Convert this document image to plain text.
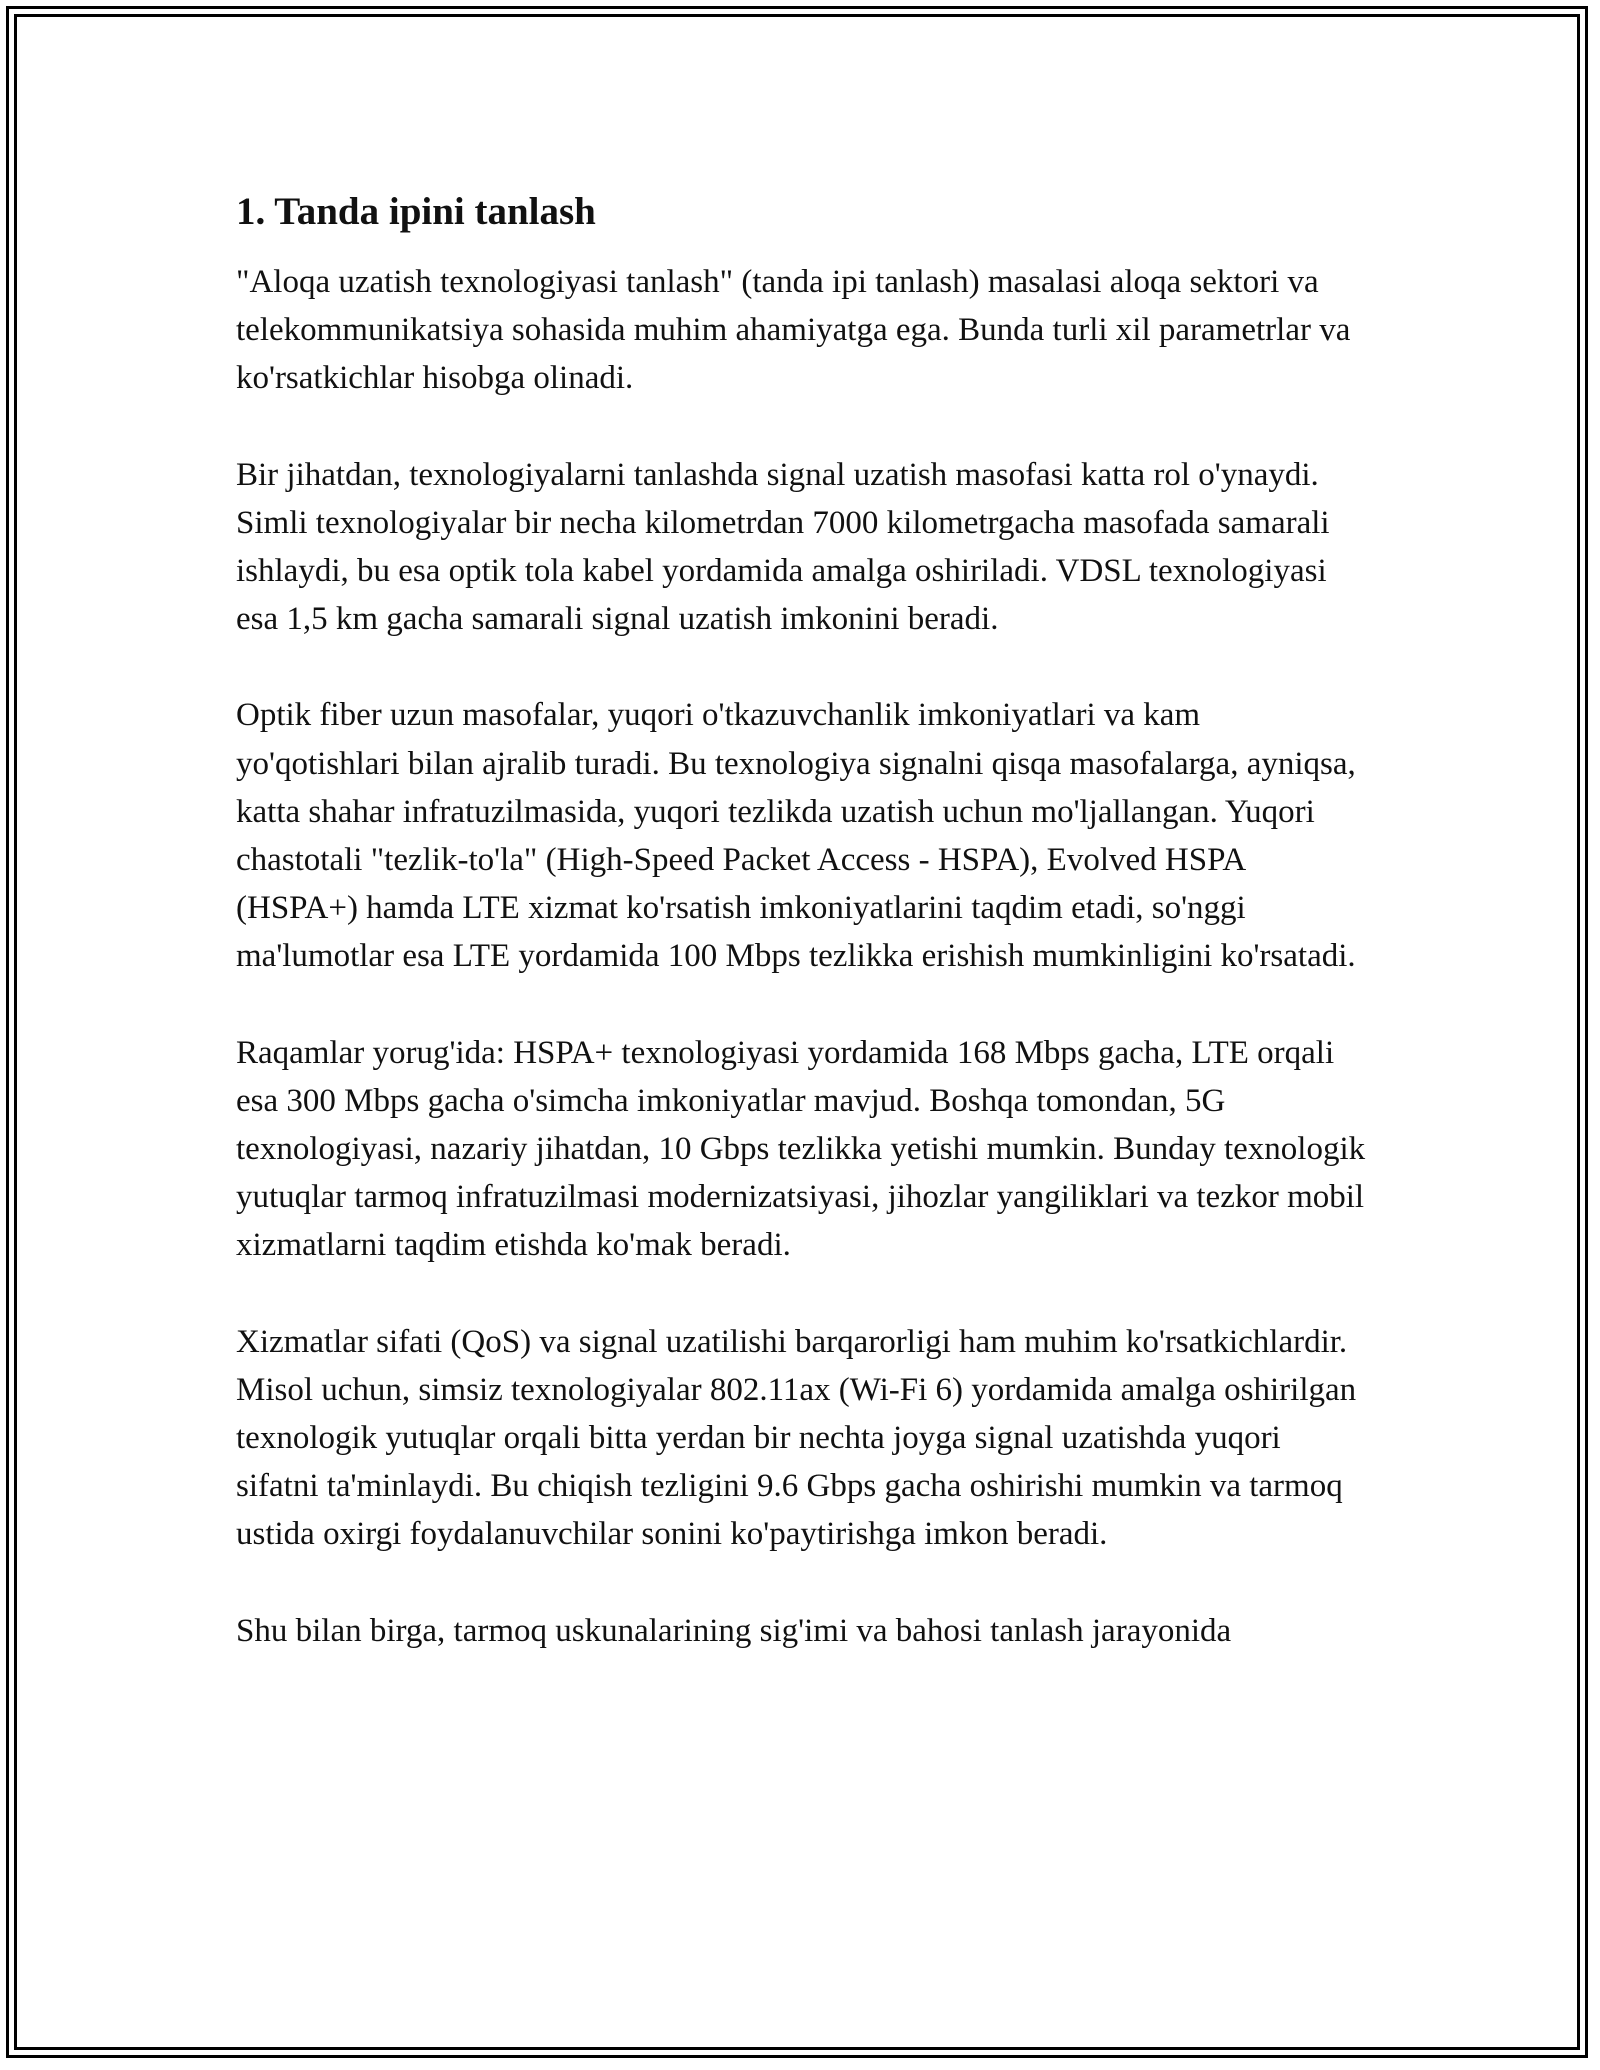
1. Tanda ipini tanlash

"Aloqa uzatish texnologiyasi tanlash" (tanda ipi tanlash) masalasi aloqa sektori va telekommunikatsiya sohasida muhim ahamiyatga ega. Bunda turli xil parametrlar va ko'rsatkichlar hisobga olinadi.

Bir jihatdan, texnologiyalarni tanlashda signal uzatish masofasi katta rol o'ynaydi. Simli texnologiyalar bir necha kilometrdan 7000 kilometrgacha masofada samarali ishlaydi, bu esa optik tola kabel yordamida amalga oshiriladi. VDSL texnologiyasi esa 1,5 km gacha samarali signal uzatish imkonini beradi.

Optik fiber uzun masofalar, yuqori o'tkazuvchanlik imkoniyatlari va kam yo'qotishlari bilan ajralib turadi. Bu texnologiya signalni qisqa masofalarga, ayniqsa, katta shahar infratuzilmasida, yuqori tezlikda uzatish uchun mo'ljallangan. Yuqori chastotali "tezlik-to'la" (High-Speed Packet Access - HSPA), Evolved HSPA (HSPA+) hamda LTE xizmat ko'rsatish imkoniyatlarini taqdim etadi, so'nggi ma'lumotlar esa LTE yordamida 100 Mbps tezlikka erishish mumkinligini ko'rsatadi.

Raqamlar yorug'ida: HSPA+ texnologiyasi yordamida 168 Mbps gacha, LTE orqali esa 300 Mbps gacha o'simcha imkoniyatlar mavjud. Boshqa tomondan, 5G texnologiyasi, nazariy jihatdan, 10 Gbps tezlikka yetishi mumkin. Bunday texnologik yutuqlar tarmoq infratuzilmasi modernizatsiyasi, jihozlar yangiliklari va tezkor mobil xizmatlarni taqdim etishda ko'mak beradi.

Xizmatlar sifati (QoS) va signal uzatilishi barqarorligi ham muhim ko'rsatkichlardir. Misol uchun, simsiz texnologiyalar 802.11ax (Wi-Fi 6) yordamida amalga oshirilgan texnologik yutuqlar orqali bitta yerdan bir nechta joyga signal uzatishda yuqori sifatni ta'minlaydi. Bu chiqish tezligini 9.6 Gbps gacha oshirishi mumkin va tarmoq ustida oxirgi foydalanuvchilar sonini ko'paytirishga imkon beradi.

Shu bilan birga, tarmoq uskunalarining sig'imi va bahosi tanlash jarayonida
